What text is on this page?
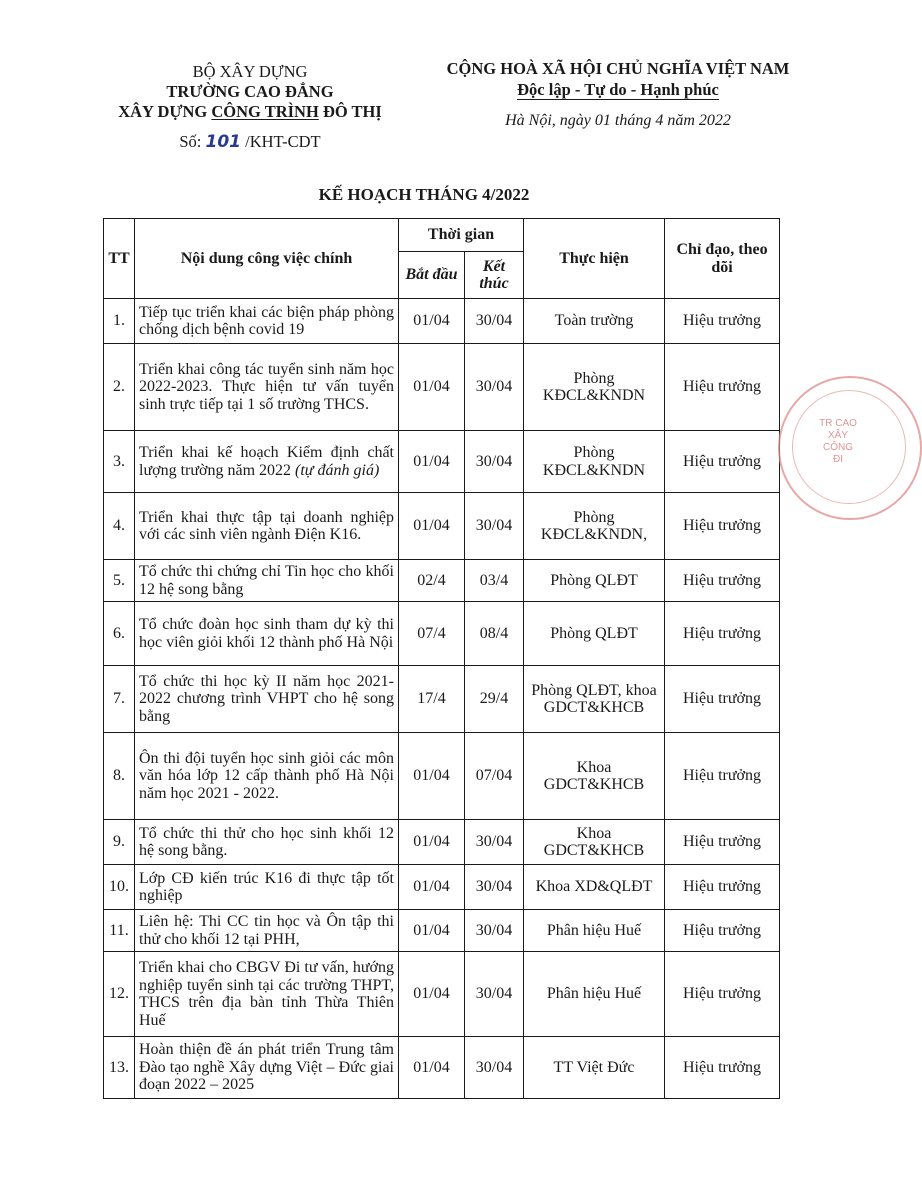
BỘ XÂY DỰNG
TRƯỜNG CAO ĐẲNG
XÂY DỰNG CÔNG TRÌNH ĐÔ THỊ
Số: 101 /KHT-CDT
CỘNG HOÀ XÃ HỘI CHỦ NGHĨA VIỆT NAM
Độc lập - Tự do - Hạnh phúc
Hà Nội, ngày 01 tháng 4 năm 2022
KẾ HOẠCH THÁNG 4/2022
TT	Nội dung công việc chính	Thời gian		Thực hiện	Chỉ đạo, theo dõi
		Bắt đầu	Kết thúc		
1.	Tiếp tục triển khai các biện pháp phòng chống dịch bệnh covid 19	01/04	30/04	Toàn trường	Hiệu trưởng
2.	Triển khai công tác tuyển sinh năm học 2022-2023. Thực hiện tư vấn tuyển sinh trực tiếp tại 1 số trường THCS.	01/04	30/04	Phòng KĐCL&KNDN	Hiệu trưởng
3.	Triển khai kế hoạch Kiểm định chất lượng trường năm 2022 (tự đánh giá)	01/04	30/04	Phòng KĐCL&KNDN	Hiệu trưởng
4.	Triển khai thực tập tại doanh nghiệp với các sinh viên ngành Điện K16.	01/04	30/04	Phòng KĐCL&KNDN,	Hiệu trưởng
5.	Tổ chức thi chứng chỉ Tin học cho khối 12 hệ song bằng	02/4	03/4	Phòng QLĐT	Hiệu trưởng
6.	Tổ chức đoàn học sinh tham dự kỳ thi học viên giỏi khối 12 thành phố Hà Nội	07/4	08/4	Phòng QLĐT	Hiệu trưởng
7.	Tổ chức thi học kỳ II năm học 2021-2022 chương trình VHPT cho hệ song bằng	17/4	29/4	Phòng QLĐT, khoa GDCT&KHCB	Hiệu trưởng
8.	Ôn thi đội tuyển học sinh giỏi các môn văn hóa lớp 12 cấp thành phố Hà Nội năm học 2021 - 2022.	01/04	07/04	Khoa GDCT&KHCB	Hiệu trưởng
9.	Tổ chức thi thử cho học sinh khối 12 hệ song bằng.	01/04	30/04	Khoa GDCT&KHCB	Hiệu trưởng
10.	Lớp CĐ kiến trúc K16 đi thực tập tốt nghiệp	01/04	30/04	Khoa XD&QLĐT	Hiệu trưởng
11.	Liên hệ: Thi CC tin học và Ôn tập thi thử cho khối 12 tại PHH,	01/04	30/04	Phân hiệu Huế	Hiệu trưởng
12.	Triển khai cho CBGV Đi tư vấn, hướng nghiệp tuyển sinh tại các trường THPT, THCS trên địa bàn tỉnh Thừa Thiên Huế	01/04	30/04	Phân hiệu Huế	Hiệu trưởng
13.	Hoàn thiện đề án phát triển Trung tâm Đào tạo nghề Xây dựng Việt – Đức giai đoạn 2022 – 2025	01/04	30/04	TT Việt Đức	Hiệu trưởng
TR CAO XÂY CÔNG ĐI
